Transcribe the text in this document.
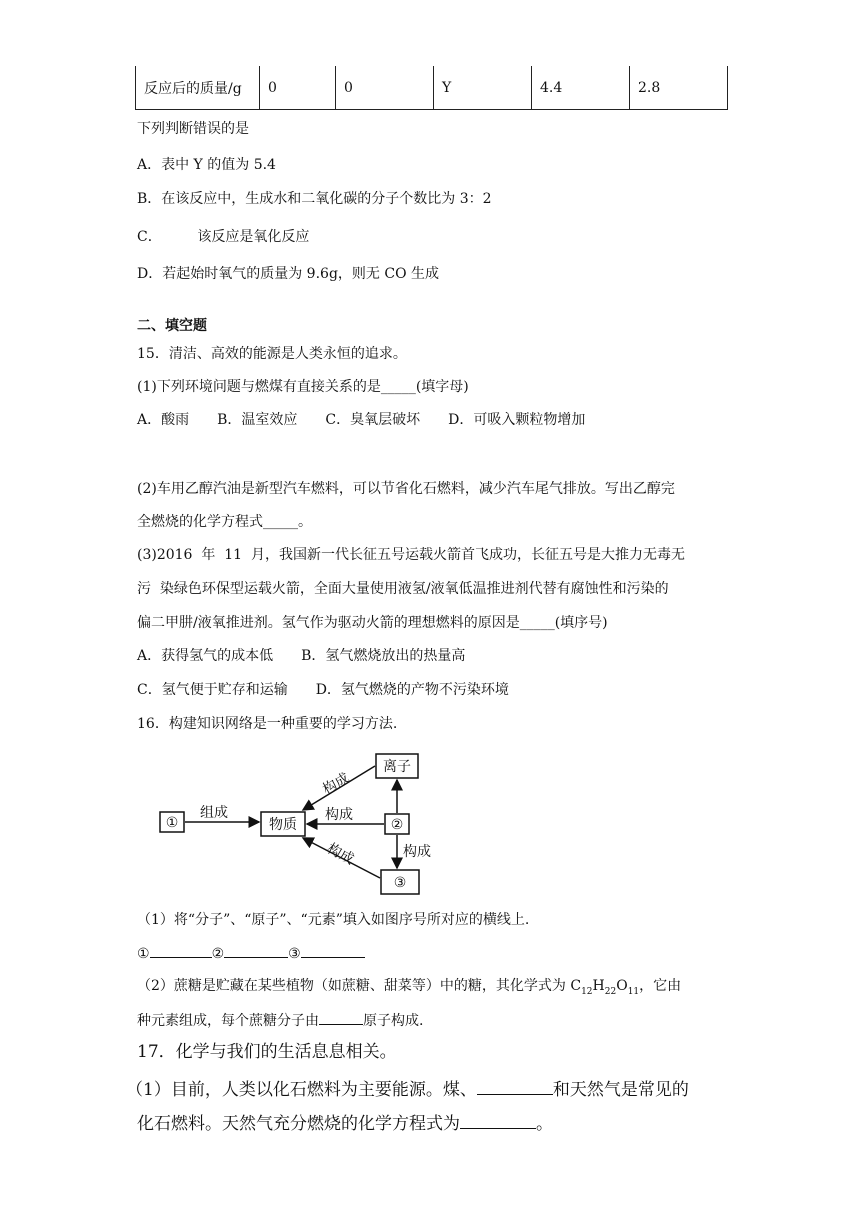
反应后的质量/g	0	0	Y	4.4	2.8
下列判断错误的是
A．表中 Y 的值为 5.4
B．在该反应中，生成水和二氧化碳的分子个数比为 3：2
C．        该反应是氧化反应
D．若起始时氧气的质量为 9.6g，则无 CO 生成
二、填空题
15．清洁、高效的能源是人类永恒的追求。
(1)下列环境问题与燃煤有直接关系的是_____(填字母)
A．酸雨　　B．温室效应　　C．臭氧层破坏　　D．可吸入颗粒物增加
(2)车用乙醇汽油是新型汽车燃料，可以节省化石燃料，减少汽车尾气排放。写出乙醇完
全燃烧的化学方程式_____。
(3)2016  年  11  月，我国新一代长征五号运载火箭首飞成功，长征五号是大推力无毒无
污  染绿色环保型运载火箭，全面大量使用液氢/液氧低温推进剂代替有腐蚀性和污染的
偏二甲肼/液氧推进剂。氢气作为驱动火箭的理想燃料的原因是_____(填序号)
A．获得氢气的成本低　　B．氢气燃烧放出的热量高
C．氢气便于贮存和运输　　D．氢气燃烧的产物不污染环境
16．构建知识网络是一种重要的学习方法.
①	物质
离子
②
③
组成	构成
构成
构成	构成
（1）将“分子”、“原子”、“元素”填入如图序号所对应的横线上.
①	②	③
（2）蔗糖是贮藏在某些植物（如蔗糖、甜菜等）中的糖，其化学式为 $C_{12}H_{22}O_{11}$，它由
种元素组成，每个蔗糖分子由	原子构成.
17．化学与我们的生活息息相关。
（1）目前，人类以化石燃料为主要能源。煤、	和天然气是常见的
化石燃料。天然气充分燃烧的化学方程式为	。
